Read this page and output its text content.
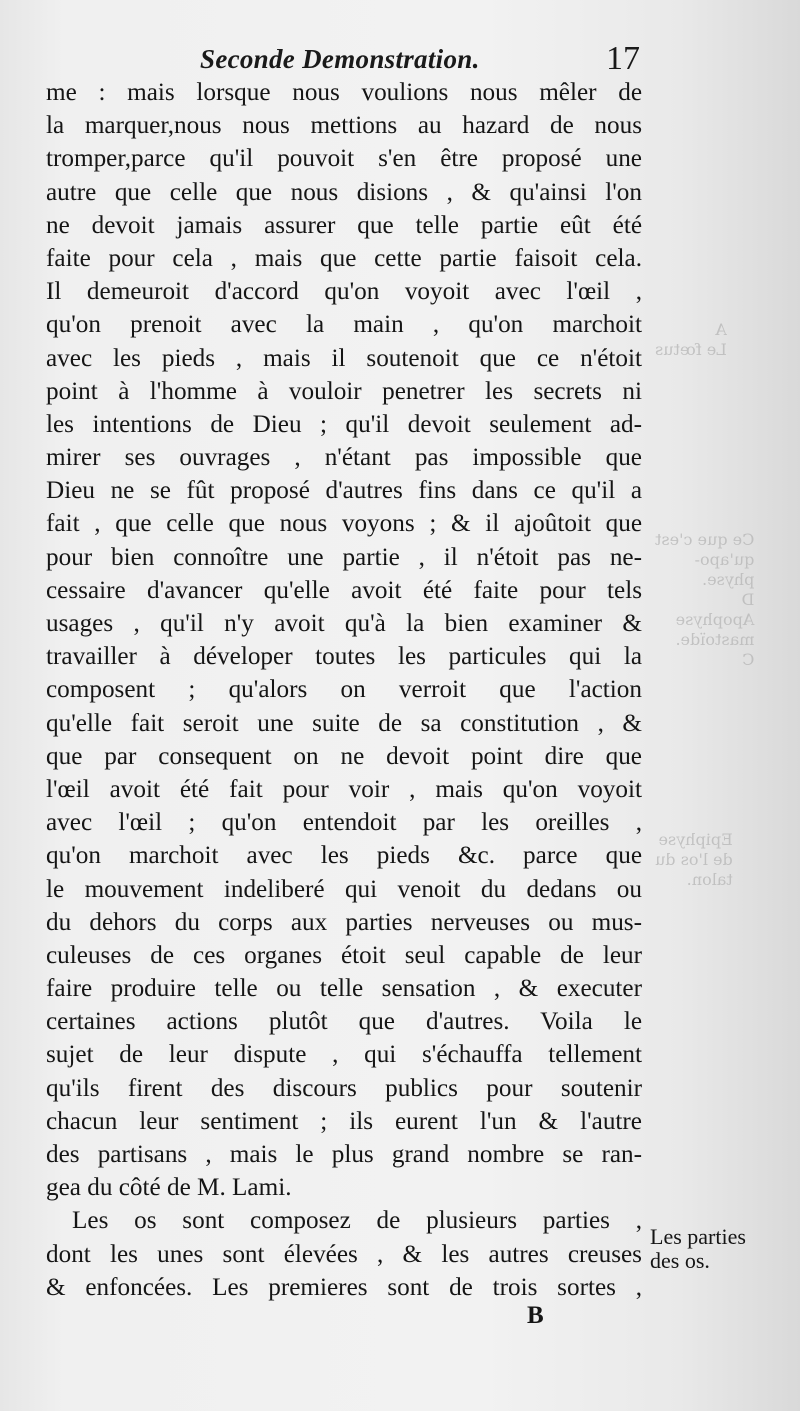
A
Le fœtus
Ce que c'est
qu'apo-
physe.
D
Apophyse
mastoïde.
C
Epiphyse
de l'os du
talon.
Seconde Demonstration.	17
me : mais lorsque nous voulions nous mêler de
la marquer,nous nous mettions au hazard de nous
tromper,parce qu'il pouvoit s'en être proposé une
autre que celle que nous disions , & qu'ainsi l'on
ne devoit jamais assurer que telle partie eût été
faite pour cela , mais que cette partie faisoit cela.
Il demeuroit d'accord qu'on voyoit avec l'œil ,
qu'on prenoit avec la main , qu'on marchoit
avec les pieds , mais il soutenoit que ce n'étoit
point à l'homme à vouloir penetrer les secrets ni
les intentions de Dieu ; qu'il devoit seulement ad-
mirer ses ouvrages , n'étant pas impossible que
Dieu ne se fût proposé d'autres fins dans ce qu'il a
fait , que celle que nous voyons ; & il ajoûtoit que
pour bien connoître une partie , il n'étoit pas ne-
cessaire d'avancer qu'elle avoit été faite pour tels
usages , qu'il n'y avoit qu'à la bien examiner &
travailler à déveloper toutes les particules qui la
composent ; qu'alors on verroit que l'action
qu'elle fait seroit une suite de sa constitution , &
que par consequent on ne devoit point dire que
l'œil avoit été fait pour voir , mais qu'on voyoit
avec l'œil ; qu'on entendoit par les oreilles ,
qu'on marchoit avec les pieds &c. parce que
le mouvement indeliberé qui venoit du dedans ou
du dehors du corps aux parties nerveuses ou mus-
culeuses de ces organes étoit seul capable de leur
faire produire telle ou telle sensation , & executer
certaines actions plutôt que d'autres. Voila le
sujet de leur dispute , qui s'échauffa tellement
qu'ils firent des discours publics pour soutenir
chacun leur sentiment ; ils eurent l'un & l'autre
des partisans , mais le plus grand nombre se ran-
gea du côté de M. Lami.
Les os sont composez de plusieurs parties ,
dont les unes sont élevées , & les autres creuses
& enfoncées. Les premieres sont de trois sortes ,
Les parties
des os.
B
